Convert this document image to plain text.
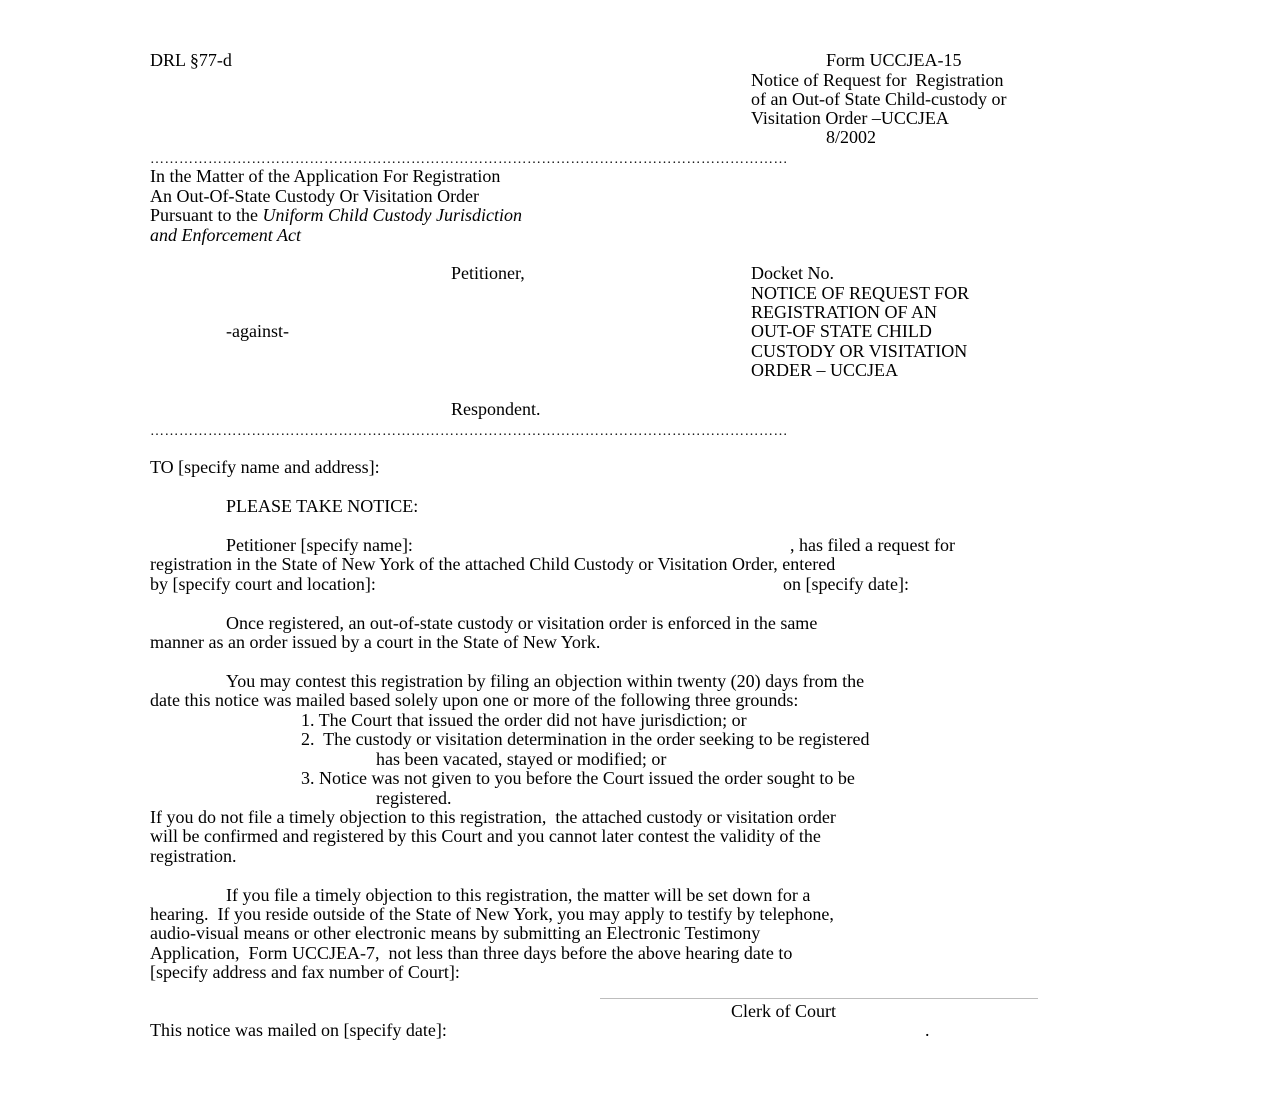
DRL §77-d	Form UCCJEA-15
Notice of Request for  Registration
of an Out-of State Child-custody or
Visitation Order –UCCJEA
8/2002
……………………………………………………………………………………………………………………
In the Matter of the Application For Registration
An Out-Of-State Custody Or Visitation Order
Pursuant to the Uniform Child Custody Jurisdiction
and Enforcement Act
Petitioner,	Docket No.
NOTICE OF REQUEST FOR
REGISTRATION OF AN
-against-	OUT-OF STATE CHILD
CUSTODY OR VISITATION
ORDER – UCCJEA
Respondent.
……………………………………………………………………………………………………………………
TO [specify name and address]:
PLEASE TAKE NOTICE:
Petitioner [specify name]:	, has filed a request for
registration in the State of New York of the attached Child Custody or Visitation Order, entered
by [specify court and location]:	on [specify date]:
Once registered, an out-of-state custody or visitation order is enforced in the same
manner as an order issued by a court in the State of New York.
You may contest this registration by filing an objection within twenty (20) days from the
date this notice was mailed based solely upon one or more of the following three grounds:
1. The Court that issued the order did not have jurisdiction; or
2.  The custody or visitation determination in the order seeking to be registered
has been vacated, stayed or modified; or
3. Notice was not given to you before the Court issued the order sought to be
registered.
If you do not file a timely objection to this registration,  the attached custody or visitation order
will be confirmed and registered by this Court and you cannot later contest the validity of the
registration.
If you file a timely objection to this registration, the matter will be set down for a
hearing.  If you reside outside of the State of New York, you may apply to testify by telephone,
audio-visual means or other electronic means by submitting an Electronic Testimony
Application,  Form UCCJEA-7,  not less than three days before the above hearing date to
[specify address and fax number of Court]:
Clerk of Court
This notice was mailed on [specify date]:	.
